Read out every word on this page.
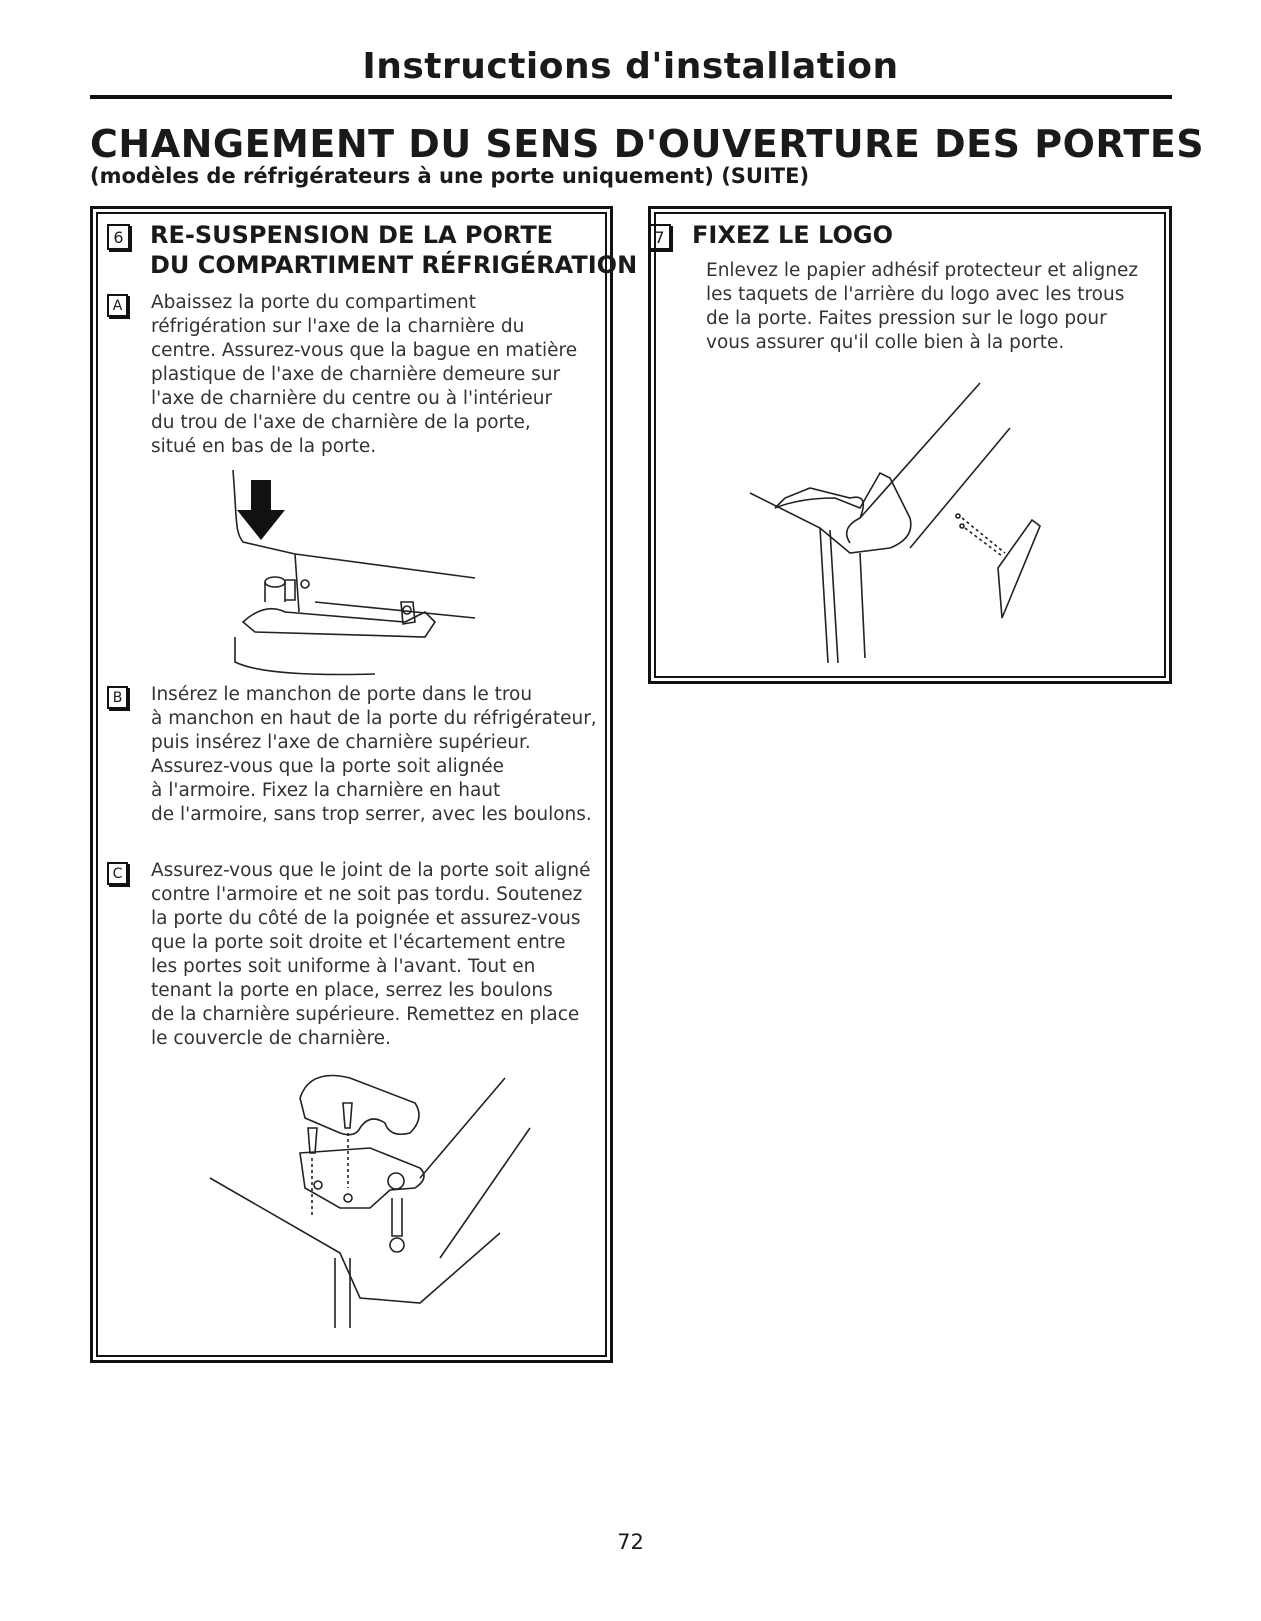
Instructions d'installation
CHANGEMENT DU SENS D'OUVERTURE DES PORTES
(modèles de réfrigérateurs à une porte uniquement) (SUITE)
6 RE-SUSPENSION DE LA PORTE
DU COMPARTIMENT RÉFRIGÉRATION
A	Abaissez la porte du compartiment
réfrigération sur l'axe de la charnière du
centre. Assurez-vous que la bague en matière
plastique de l'axe de charnière demeure sur
l'axe de charnière du centre ou à l'intérieur
du trou de l'axe de charnière de la porte,
situé en bas de la porte.
B	Insérez le manchon de porte dans le trou
à manchon en haut de la porte du réfrigérateur,
puis insérez l'axe de charnière supérieur.
Assurez-vous que la porte soit alignée
à l'armoire. Fixez la charnière en haut
de l'armoire, sans trop serrer, avec les boulons.
C	Assurez-vous que le joint de la porte soit aligné
contre l'armoire et ne soit pas tordu. Soutenez
la porte du côté de la poignée et assurez-vous
que la porte soit droite et l'écartement entre
les portes soit uniforme à l'avant. Tout en
tenant la porte en place, serrez les boulons
de la charnière supérieure. Remettez en place
le couvercle de charnière.
7 FIXEZ LE LOGO
Enlevez le papier adhésif protecteur et alignez
les taquets de l'arrière du logo avec les trous
de la porte. Faites pression sur le logo pour
vous assurer qu'il colle bien à la porte.
72
